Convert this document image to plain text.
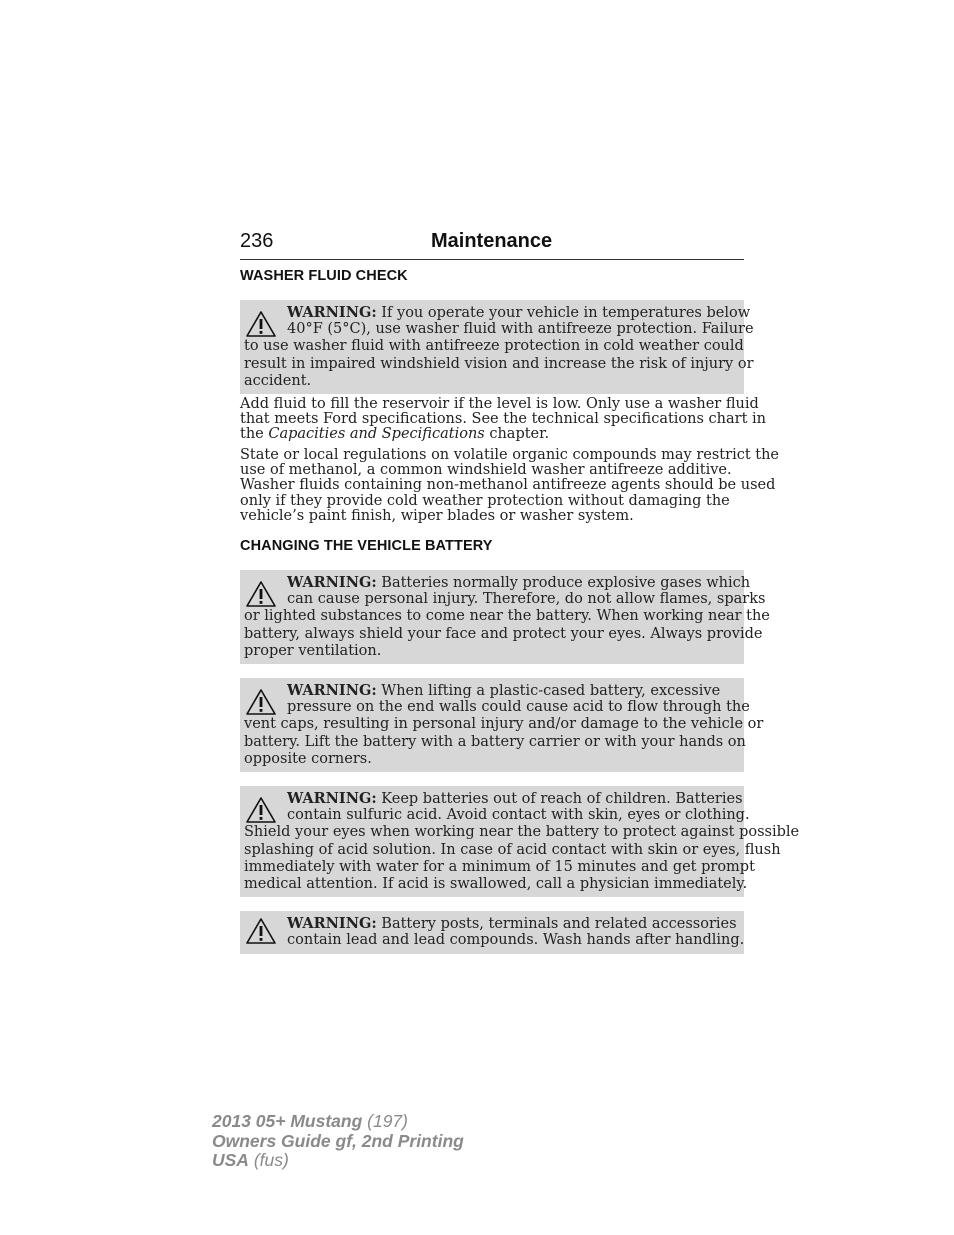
236	Maintenance
WASHER FLUID CHECK
WARNING: If you operate your vehicle in temperatures below
40°F (5°C), use washer fluid with antifreeze protection. Failure
to use washer fluid with antifreeze protection in cold weather could
result in impaired windshield vision and increase the risk of injury or
accident.
Add fluid to fill the reservoir if the level is low. Only use a washer fluid
that meets Ford specifications. See the technical specifications chart in
the Capacities and Specifications chapter.
State or local regulations on volatile organic compounds may restrict the
use of methanol, a common windshield washer antifreeze additive.
Washer fluids containing non-methanol antifreeze agents should be used
only if they provide cold weather protection without damaging the
vehicle’s paint finish, wiper blades or washer system.
CHANGING THE VEHICLE BATTERY
WARNING: Batteries normally produce explosive gases which
can cause personal injury. Therefore, do not allow flames, sparks
or lighted substances to come near the battery. When working near the
battery, always shield your face and protect your eyes. Always provide
proper ventilation.
WARNING: When lifting a plastic-cased battery, excessive
pressure on the end walls could cause acid to flow through the
vent caps, resulting in personal injury and/or damage to the vehicle or
battery. Lift the battery with a battery carrier or with your hands on
opposite corners.
WARNING: Keep batteries out of reach of children. Batteries
contain sulfuric acid. Avoid contact with skin, eyes or clothing.
Shield your eyes when working near the battery to protect against possible
splashing of acid solution. In case of acid contact with skin or eyes, flush
immediately with water for a minimum of 15 minutes and get prompt
medical attention. If acid is swallowed, call a physician immediately.
WARNING: Battery posts, terminals and related accessories
contain lead and lead compounds. Wash hands after handling.
2013 05+ Mustang (197)
Owners Guide gf, 2nd Printing
USA (fus)
